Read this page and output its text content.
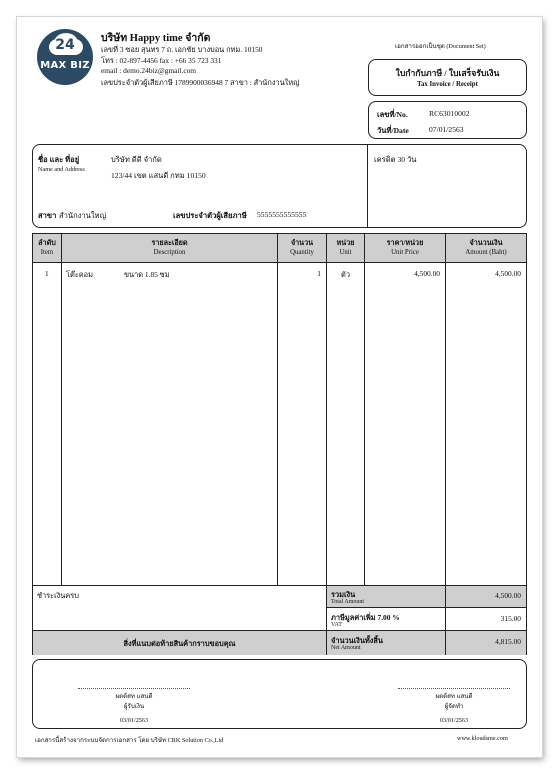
24
MAX BIZ
บริษัท Happy time จำกัด
เลขที่ 3 ซอย สุนทร 7 ถ. เอกชัย บางบอน กทม. 10150
โทร : 02-897-4456 fax : +66 35 723 331
email : demo.24biz@gmail.com
เลขประจำตัวผู้เสียภาษี 1789900036948 7 สาขา : สำนักงานใหญ่
เอกสารออกเป็นชุด (Document Set)
ใบกำกับภาษี / ใบเสร็จรับเงิน
Tax Invoice / Receipt
เลขที่/No.	RC63010002
วันที่/Date	07/01/2563
ชื่อ และ ที่อยู่
Name and Address
บริษัท ดีดี จำกัด
123/44 เขต แสนดี กทม 10150
สาขา สำนักงานใหญ่	เลขประจำตัวผู้เสียภาษี 5555555555555
เครดิต 30 วัน
ลำดับ
Item
รายละเอียด
Description
จำนวน
Quantity
หน่วย
Unit
ราคา/หน่วย
Unit Price
จำนวนเงิน
Amount (Baht)
1 โต๊ะคอม	ขนาด 1.85 ซม	1	ตัว	4,500.00	4,500.00
ชำระเงินครบ
สิ่งที่แนบต่อท้ายสินค้ากราบขอบคุณ
รวมเงิน
Total Amount
4,500.00
ภาษีมูลค่าเพิ่ม 7.00 %
VAT
315.00
จำนวนเงินทั้งสิ้น
Net Amount
4,815.00
ผดด้สท แสนดี
ผู้รับเงิน
03/01/2563
ผดด้สท แสนดี
ผู้จัดทำ
03/01/2563
เอกสารนี้สร้างจากระบบจัดการเอกสาร โดย บริษัท CRK Solution Co.,Ltd	www.kloudsme.com
